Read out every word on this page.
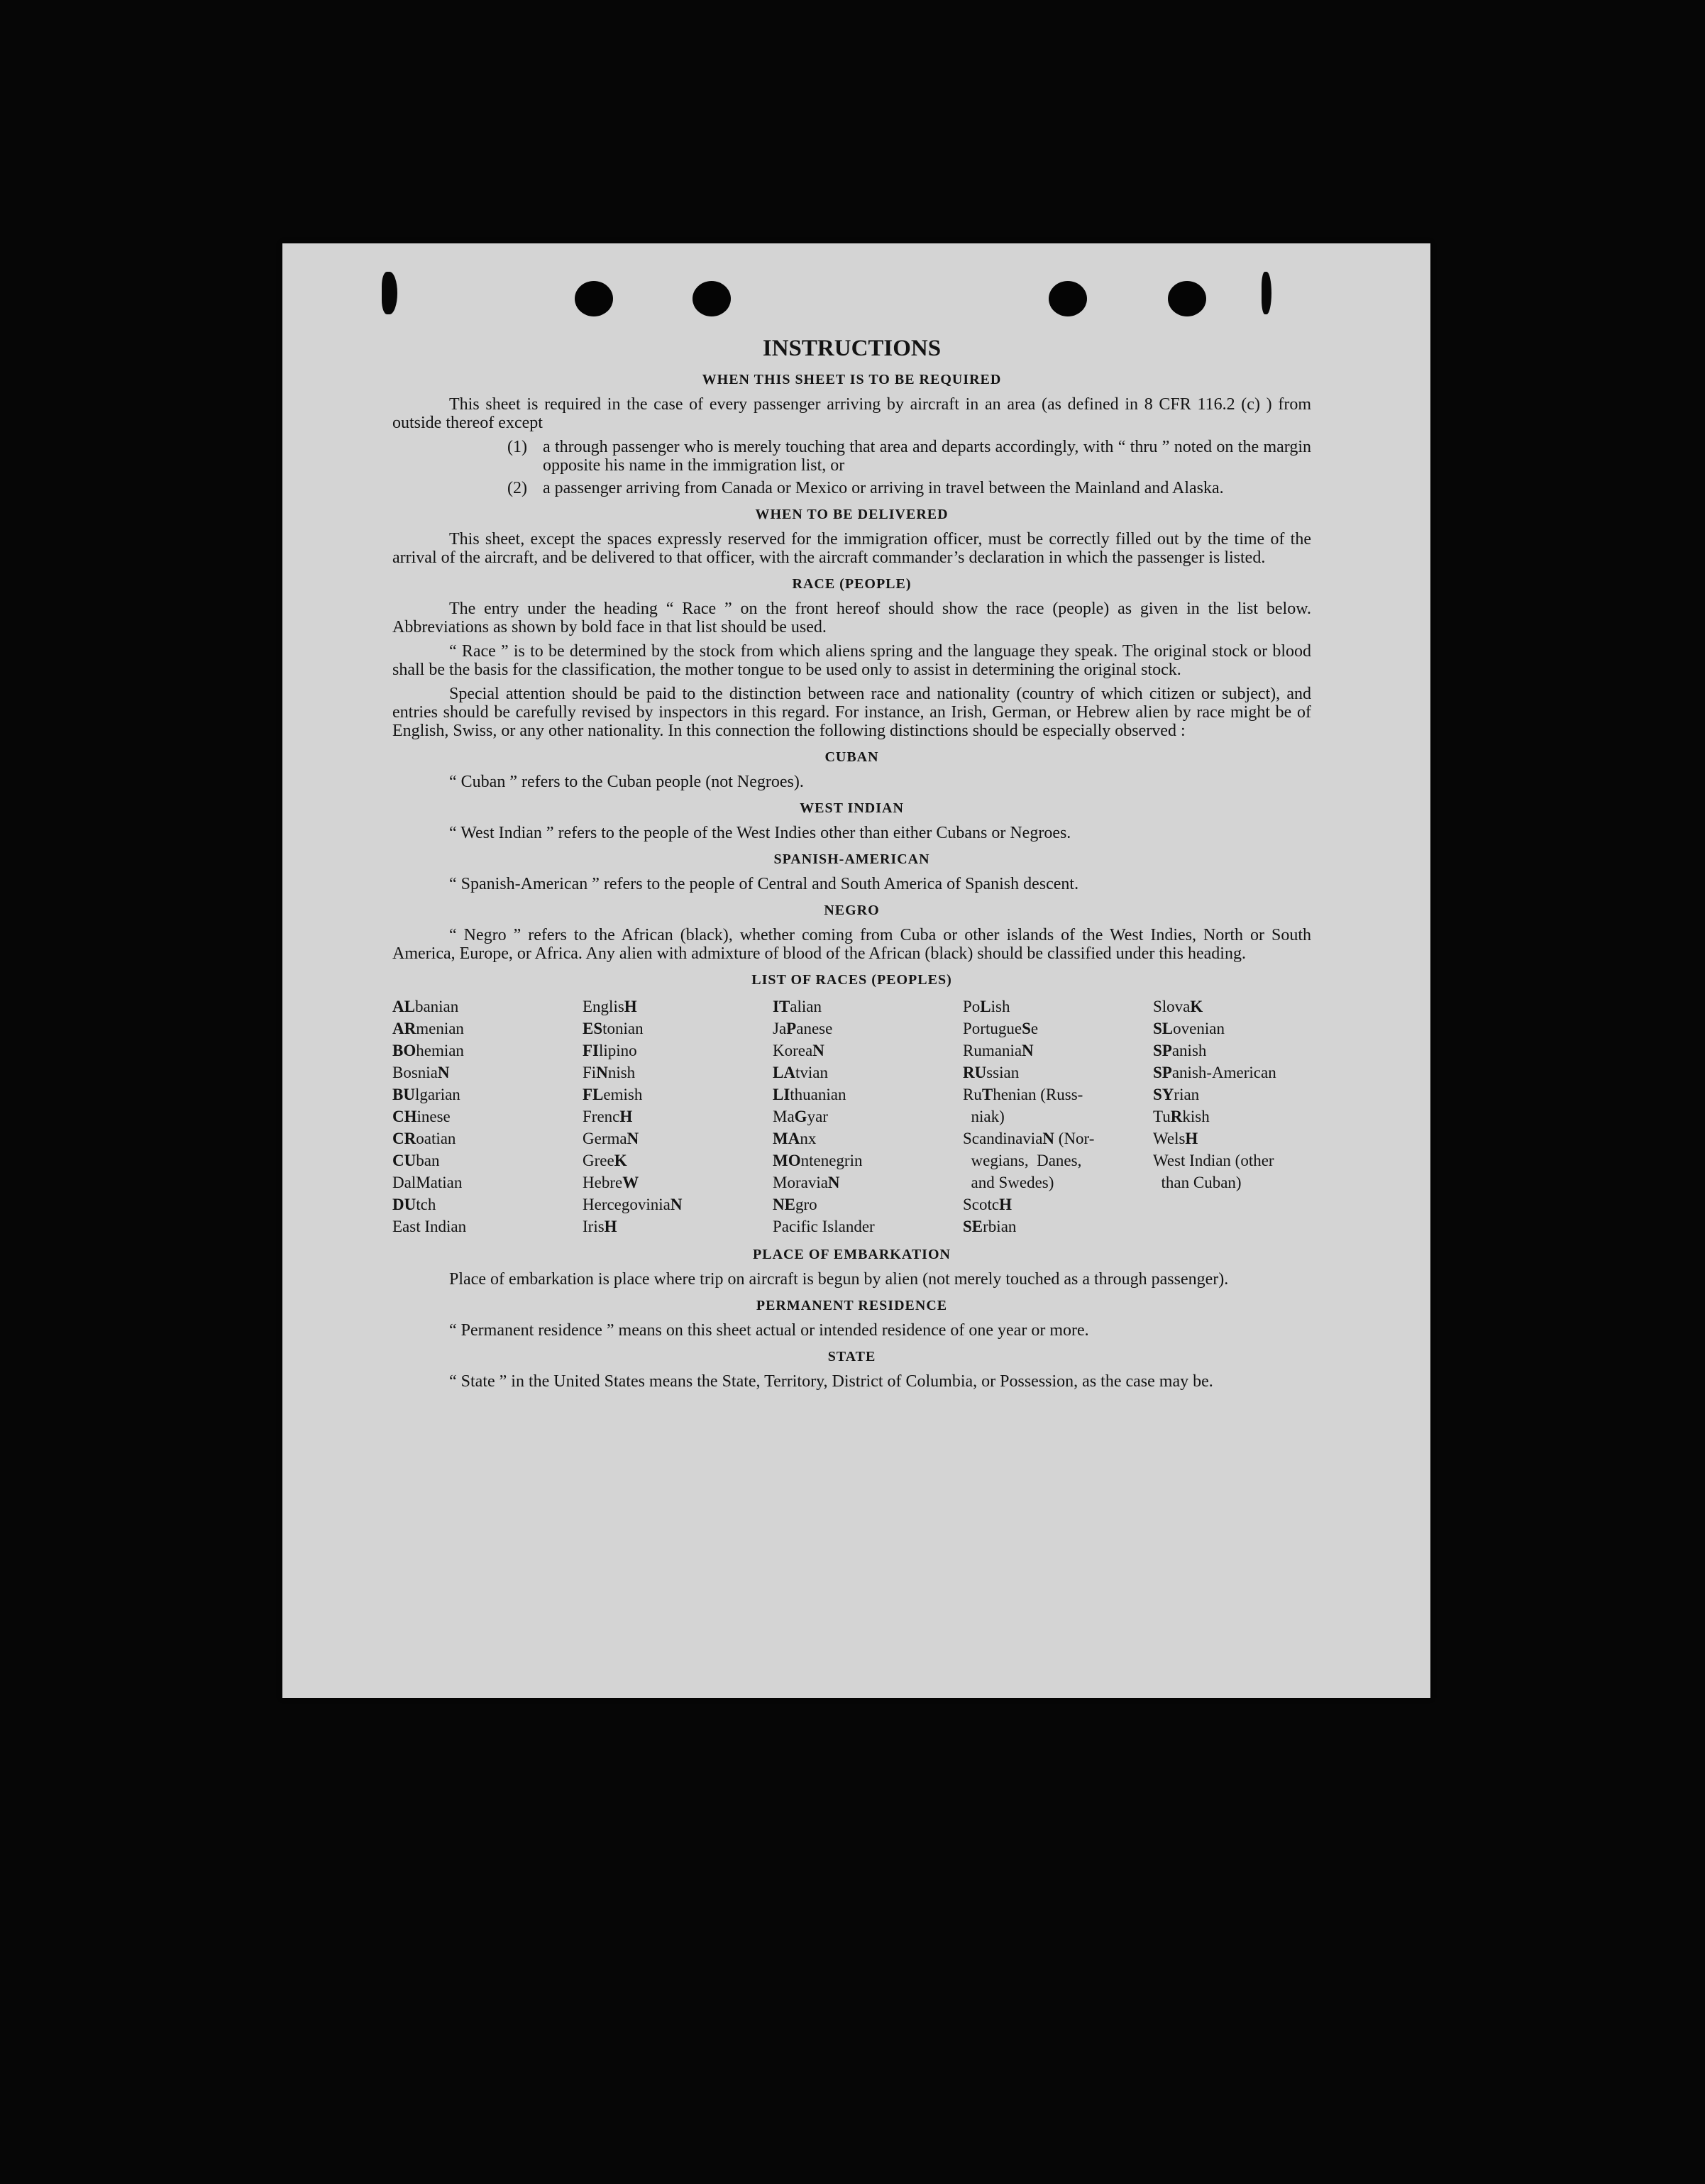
INSTRUCTIONS
WHEN THIS SHEET IS TO BE REQUIRED

This sheet is required in the case of every passenger arriving by aircraft in an area (as defined in 8 CFR 116.2 (c) ) from outside thereof except

(1) a through passenger who is merely touching that area and departs accordingly, with “ thru ” noted on the margin opposite his name in the immigration list, or
(2) a passenger arriving from Canada or Mexico or arriving in travel between the Mainland and Alaska.
WHEN TO BE DELIVERED

This sheet, except the spaces expressly reserved for the immigration officer, must be correctly filled out by the time of the arrival of the aircraft, and be delivered to that officer, with the aircraft commander’s declaration in which the passenger is listed.

RACE (PEOPLE)

The entry under the heading “ Race ” on the front hereof should show the race (people) as given in the list below. Abbreviations as shown by bold face in that list should be used.

“ Race ” is to be determined by the stock from which aliens spring and the language they speak. The original stock or blood shall be the basis for the classification, the mother tongue to be used only to assist in determining the original stock.

Special attention should be paid to the distinction between race and nationality (country of which citizen or subject), and entries should be carefully revised by inspectors in this regard. For instance, an Irish, German, or Hebrew alien by race might be of English, Swiss, or any other nationality. In this connection the following distinctions should be especially observed :

CUBAN

“ Cuban ” refers to the Cuban people (not Negroes).

WEST INDIAN

“ West Indian ” refers to the people of the West Indies other than either Cubans or Negroes.

SPANISH-AMERICAN

“ Spanish-American ” refers to the people of Central and South America of Spanish descent.

NEGRO

“ Negro ” refers to the African (black), whether coming from Cuba or other islands of the West Indies, North or South America, Europe, or Africa. Any alien with admixture of blood of the African (black) should be classified under this heading.

LIST OF RACES (PEOPLES)
ALbanian
ARmenian
BOhemian
BosniaN
BUlgarian
CHinese
CRoatian
CUban
DalMatian
DUtch
East Indian
EnglisH
EStonian
FIlipino
FiNnish
FLemish
FrencH
GermaN
GreeK
HebreW
HercegoviniaN
IrisH
ITalian
JaPanese
KoreaN
LAtvian
LIthuanian
MaGyar
MAnx
MOntenegrin
MoraviaN
NEgro
Pacific Islander
PoLish
PortugueSe
RumaniaN
RUssian
RuThenian (Russ-
niak)
ScandinaviaN (Nor-
wegians,  Danes,
and Swedes)
ScotcH
SErbian
SlovaK
SLovenian
SPanish
SPanish-American
SYrian
TuRkish
WelsH
West Indian (other
than Cuban)
PLACE OF EMBARKATION

Place of embarkation is place where trip on aircraft is begun by alien (not merely touched as a through passenger).

PERMANENT RESIDENCE

“ Permanent residence ” means on this sheet actual or intended residence of one year or more.

STATE

“ State ” in the United States means the State, Territory, District of Columbia, or Possession, as the case may be.
